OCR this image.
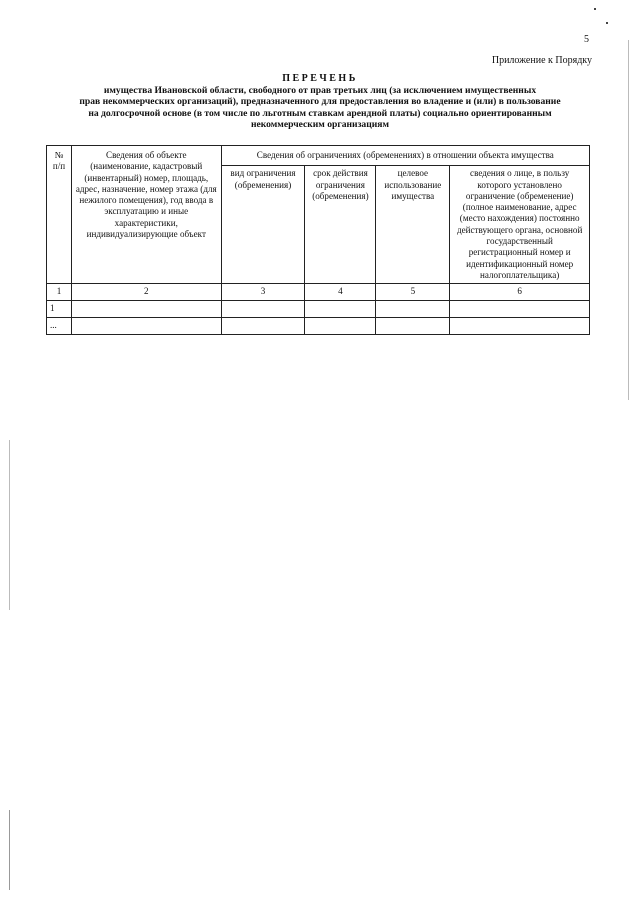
5
Приложение к Порядку
ПЕРЕЧЕНЬ
имущества Ивановской области, свободного от прав третьих лиц (за исключением имущественных
прав некоммерческих организаций), предназначенного для предоставления во владение и (или) в пользование
на долгосрочной основе (в том числе по льготным ставкам арендной платы) социально ориентированным
некоммерческим организациям
№ п/п	Сведения об объекте (наименование, кадастровый (инвентарный) номер, площадь, адрес, назначение, номер этажа (для нежилого помещения), год ввода в эксплуатацию и иные характеристики, индивидуализирующие объект	Сведения об ограничениях (обременениях) в отношении объекта имущества			
		вид ограничения (обременения)	срок действия ограничения (обременения)	целевое использование имущества	сведения о лице, в пользу которого установлено ограничение (обременение) (полное наименование, адрес (место нахождения) постоянно действующего органа, основной государственный регистрационный номер и идентификационный номер налогоплательщика)
1	2	3	4	5	6
1					
...					
